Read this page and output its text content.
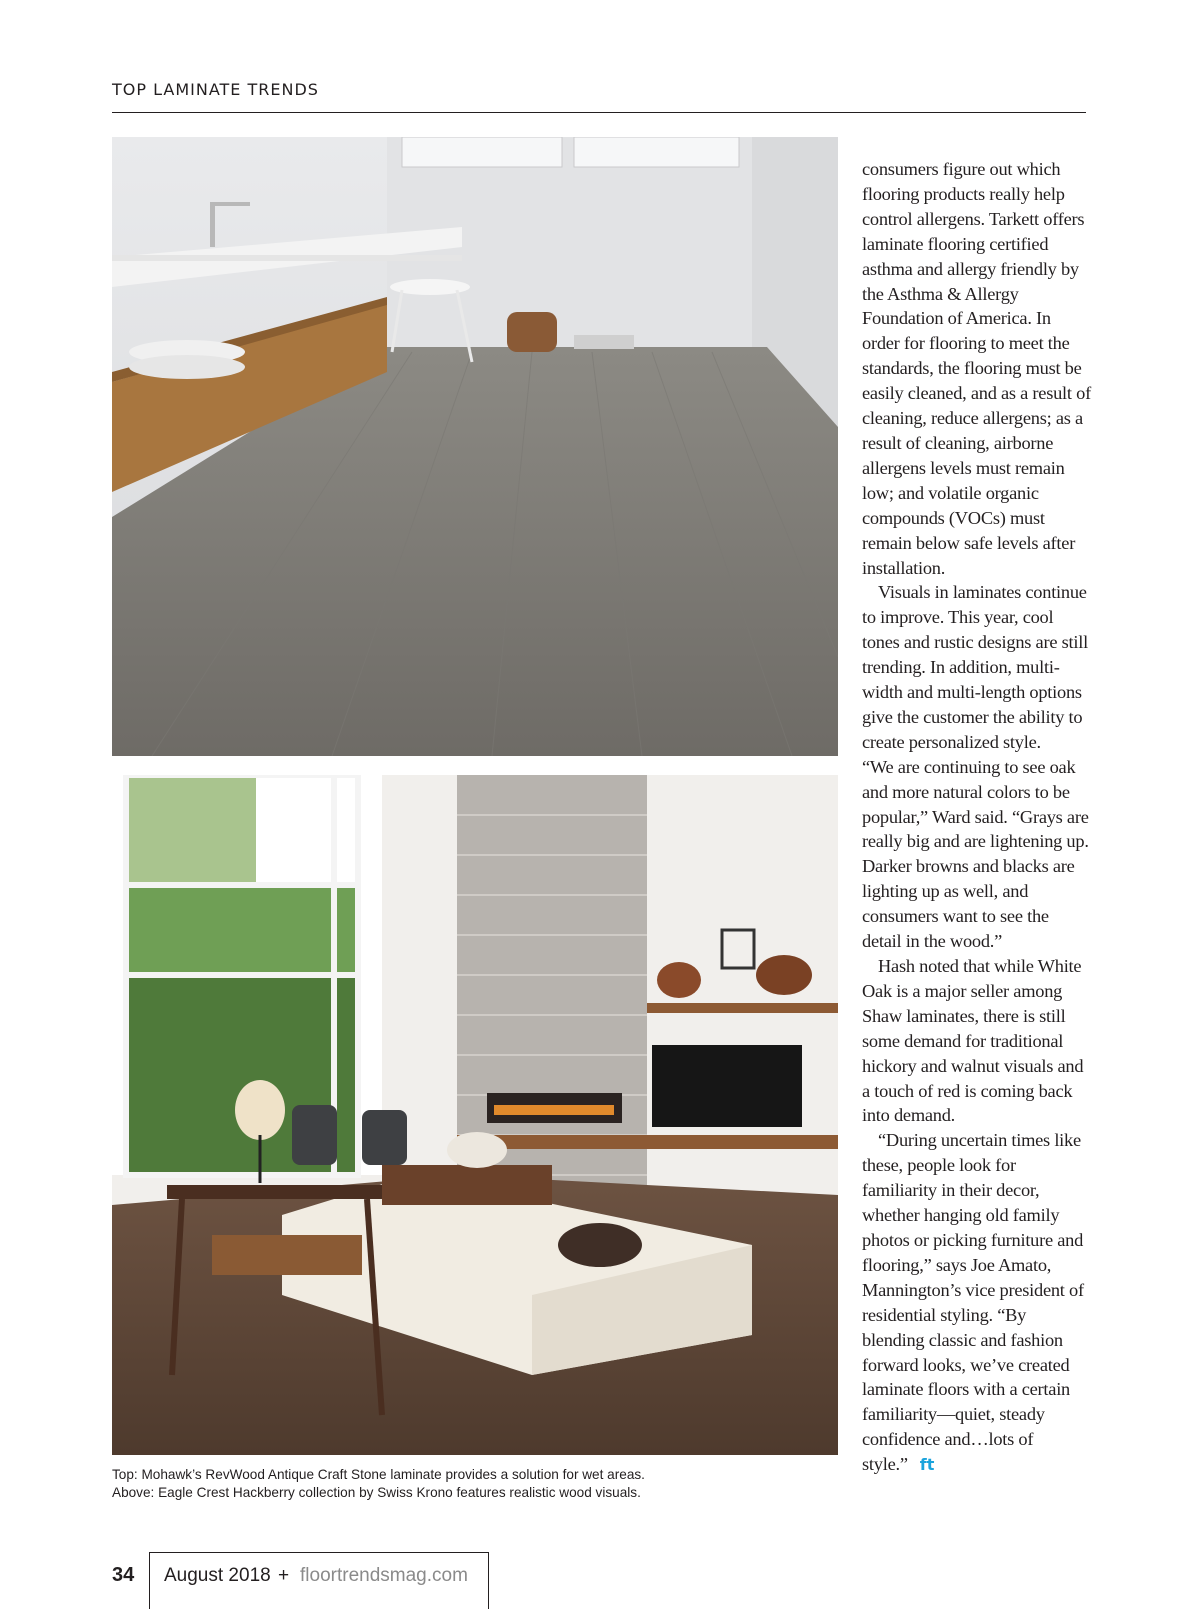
TOP LAMINATE TRENDS

Top: Mohawk’s RevWood Antique Craft Stone laminate provides a solution for wet areas.

Above: Eagle Crest Hackberry collection by Swiss Krono features realistic wood visuals.

consumers figure out which flooring products really help control allergens. Tarkett offers laminate flooring certified asthma and allergy friendly by the Asthma & Allergy Foundation of America. In order for flooring to meet the standards, the flooring must be easily cleaned, and as a result of cleaning, reduce allergens; as a result of cleaning, airborne allergens levels must remain low; and volatile organic compounds (VOCs) must remain below safe levels after installation.

Visuals in laminates continue to improve. This year, cool tones and rustic designs are still trending. In addition, multi-width and multi-length options give the customer the ability to create personalized style.

“We are continuing to see oak and more natural colors to be popular,” Ward said. “Grays are really big and are lightening up. Darker browns and blacks are lighting up as well, and consumers want to see the detail in the wood.”

Hash noted that while White Oak is a major seller among Shaw laminates, there is still some demand for traditional hickory and walnut visuals and a touch of red is coming back into demand.

“During uncertain times like these, people look for familiarity in their decor, whether hanging old family photos or picking furniture and flooring,” says Joe Amato, Mannington’s vice president of residential styling. “By blending classic and fashion forward looks, we’ve created laminate floors with a certain familiarity—quiet, steady confidence and…lots of style.” ft

34 August 2018 + floortrendsmag.com
